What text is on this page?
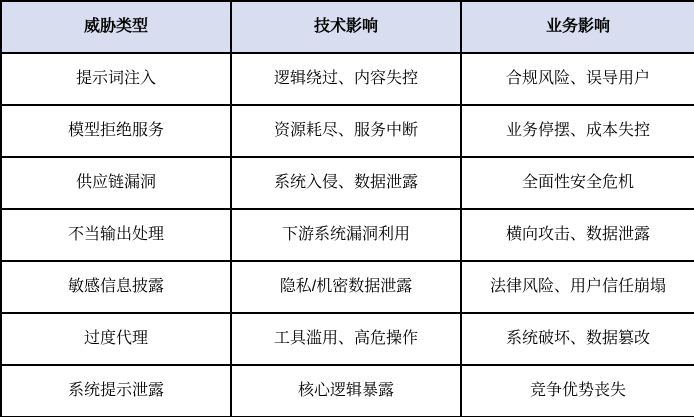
威胁类型	技术影响	业务影响
提示词注入	逻辑绕过、内容失控	合规风险、误导用户
模型拒绝服务	资源耗尽、服务中断	业务停摆、成本失控
供应链漏洞	系统入侵、数据泄露	全面性安全危机
不当输出处理	下游系统漏洞利用	横向攻击、数据泄露
敏感信息披露	隐私/机密数据泄露	法律风险、用户信任崩塌
过度代理	工具滥用、高危操作	系统破坏、数据篡改
系统提示泄露	核心逻辑暴露	竞争优势丧失
